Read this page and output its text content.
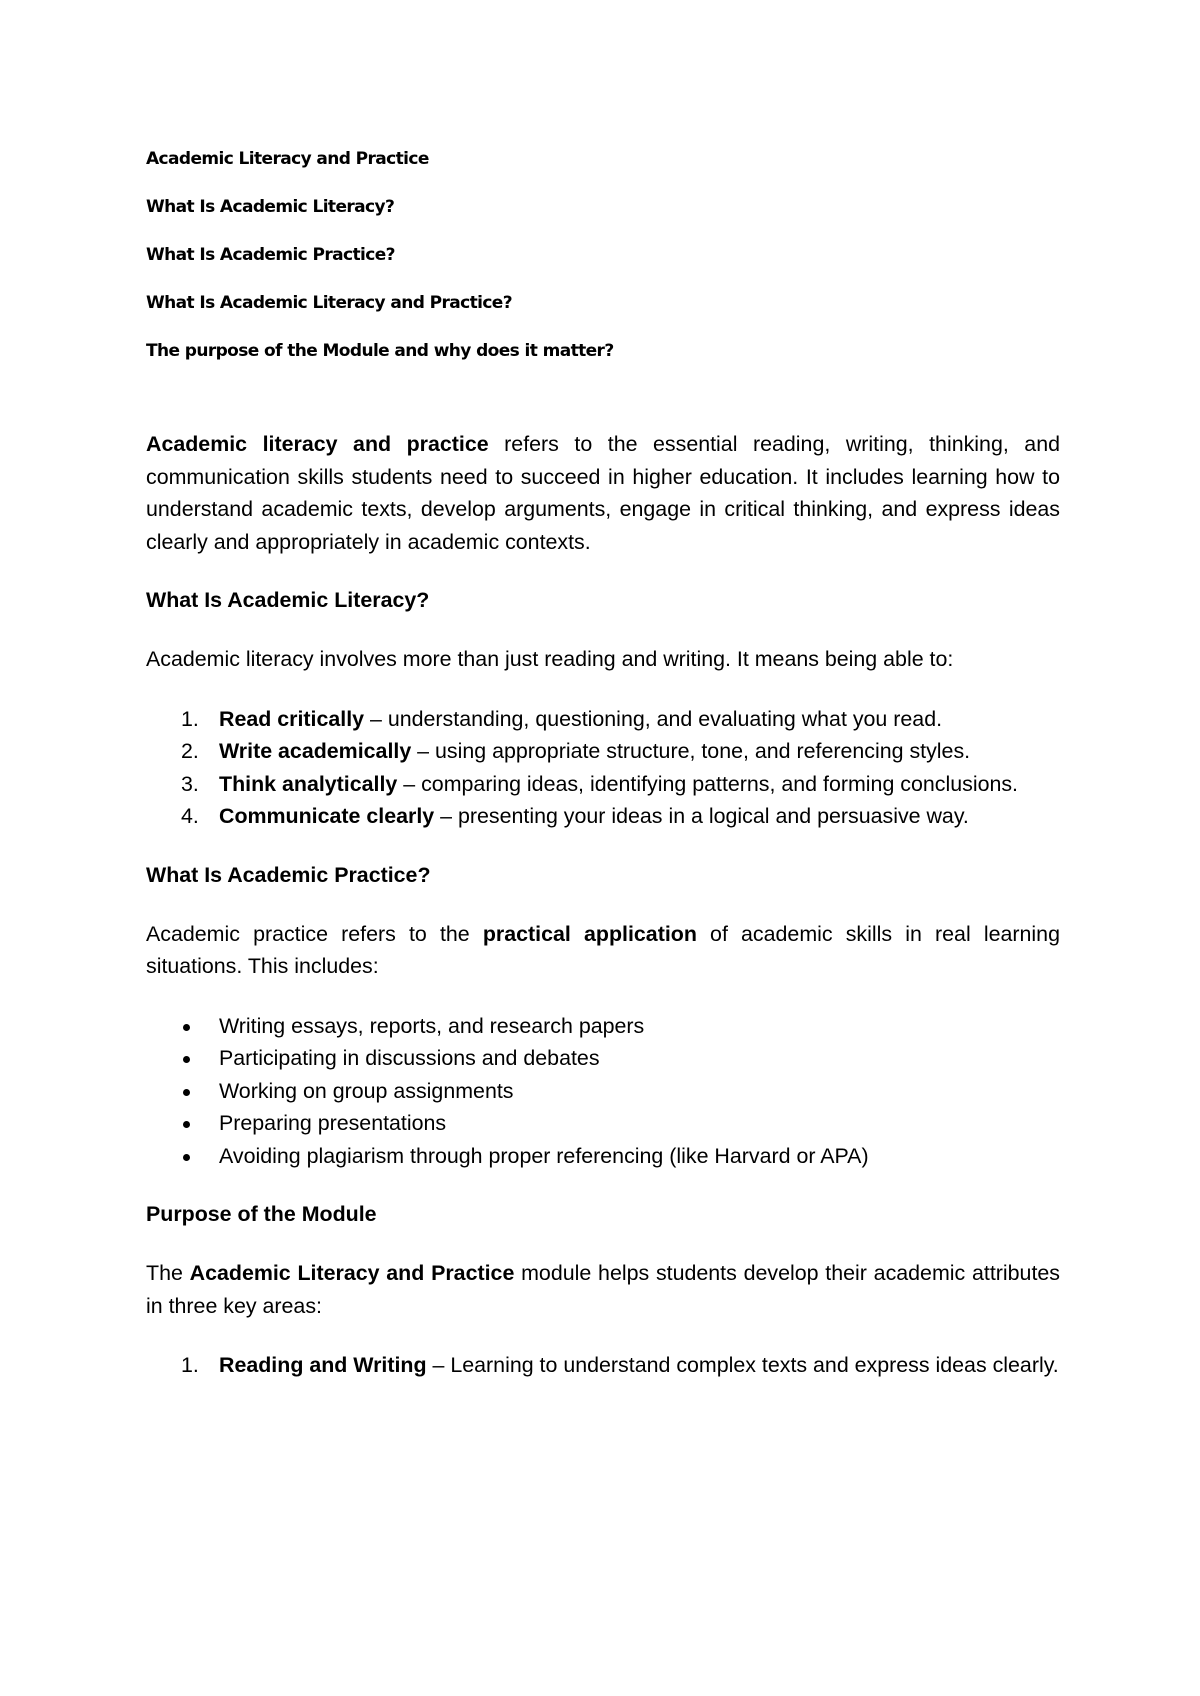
Academic Literacy and Practice
What Is Academic Literacy?
What Is Academic Practice?
What Is Academic Literacy and Practice?
The purpose of the Module and why does it matter?

Academic literacy and practice refers to the essential reading, writing, thinking, and communication skills students need to succeed in higher education. It includes learning how to understand academic texts, develop arguments, engage in critical thinking, and express ideas clearly and appropriately in academic contexts.

What Is Academic Literacy?

Academic literacy involves more than just reading and writing. It means being able to:

1. Read critically – understanding, questioning, and evaluating what you read.
2. Write academically – using appropriate structure, tone, and referencing styles.
3. Think analytically – comparing ideas, identifying patterns, and forming conclusions.
4. Communicate clearly – presenting your ideas in a logical and persuasive way.

What Is Academic Practice?

Academic practice refers to the practical application of academic skills in real learning situations. This includes:

Writing essays, reports, and research papers
Participating in discussions and debates
Working on group assignments
Preparing presentations
Avoiding plagiarism through proper referencing (like Harvard or APA)

Purpose of the Module

The Academic Literacy and Practice module helps students develop their academic attributes in three key areas:

1. Reading and Writing – Learning to understand complex texts and express ideas clearly.
